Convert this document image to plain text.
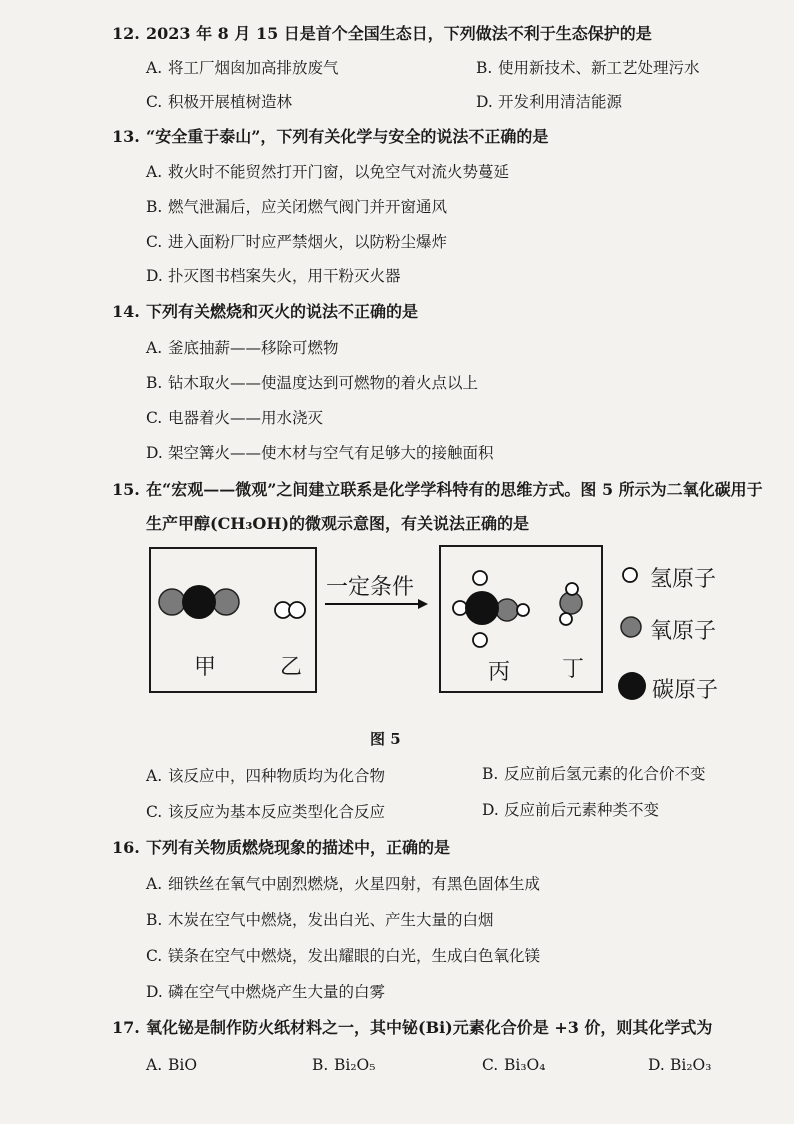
12. 2023 年 8 月 15 日是首个全国生态日，下列做法不利于生态保护的是
A. 将工厂烟囱加高排放废气	B. 使用新技术、新工艺处理污水
C. 积极开展植树造林	D. 开发利用清洁能源
13. “安全重于泰山”，下列有关化学与安全的说法不正确的是
A. 救火时不能贸然打开门窗，以免空气对流火势蔓延
B. 燃气泄漏后，应关闭燃气阀门并开窗通风
C. 进入面粉厂时应严禁烟火，以防粉尘爆炸
D. 扑灭图书档案失火，用干粉灭火器
14. 下列有关燃烧和灭火的说法不正确的是
A. 釜底抽薪——移除可燃物
B. 钻木取火——使温度达到可燃物的着火点以上
C. 电器着火——用水浇灭
D. 架空篝火——使木材与空气有足够大的接触面积
15. 在“宏观——微观”之间建立联系是化学学科特有的思维方式。图 5 所示为二氧化碳用于
生产甲醇(CH₃OH)的微观示意图，有关说法正确的是
一定条件
甲	乙	丙 丁
氢原子
氧原子
碳原子
图 5
A. 该反应中，四种物质均为化合物	B. 反应前后氢元素的化合价不变
C. 该反应为基本反应类型化合反应	D. 反应前后元素种类不变
16. 下列有关物质燃烧现象的描述中，正确的是
A. 细铁丝在氧气中剧烈燃烧，火星四射，有黑色固体生成
B. 木炭在空气中燃烧，发出白光、产生大量的白烟
C. 镁条在空气中燃烧，发出耀眼的白光，生成白色氧化镁
D. 磷在空气中燃烧产生大量的白雾
17. 氧化铋是制作防火纸材料之一，其中铋(Bi)元素化合价是 +3 价，则其化学式为
A. BiO	B. Bi₂O₅	C. Bi₃O₄	D. Bi₂O₃
